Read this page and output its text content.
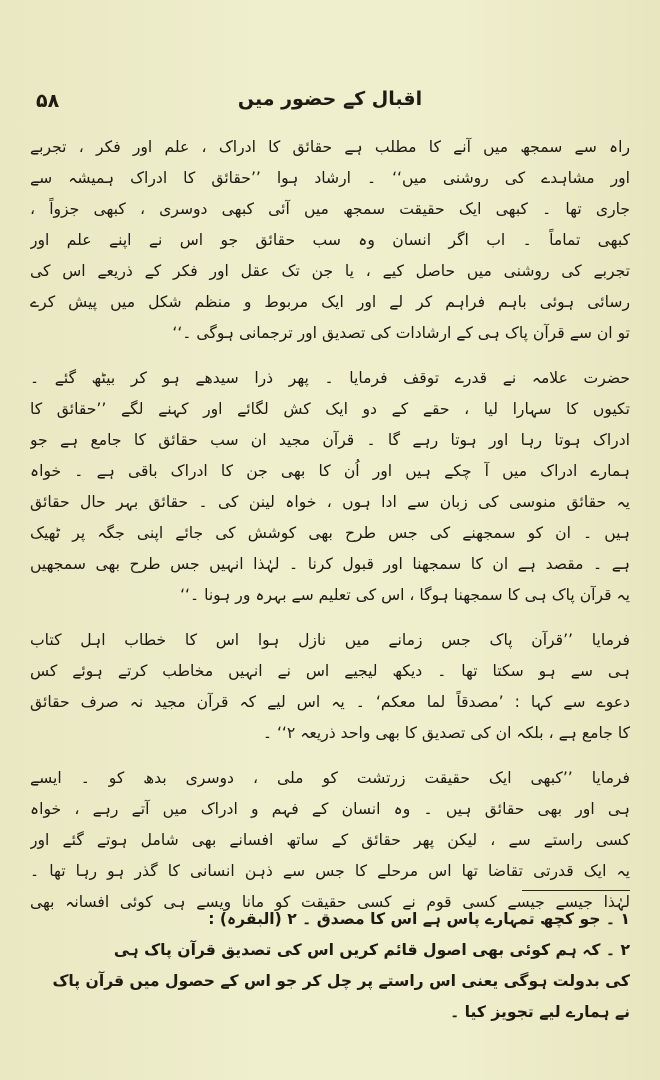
۵۸	اقبال کے حضور میں

راہ سے سمجھ میں آنے کا مطلب ہے حقائق کا ادراک ، علم اور فکر ، تجربے
اور مشاہدے کی روشنی میں‘‘ ۔ ارشاد ہوا ’’حقائق کا ادراک ہمیشہ سے
جاری تھا ۔ کبھی ایک حقیقت سمجھ میں آئی کبھی دوسری ، کبھی جزواً ،
کبھی تماماً ۔ اب اگر انسان وہ سب حقائق جو اس نے اپنے علم اور
تجربے کی روشنی میں حاصل کیے ، یا جن تک عقل اور فکر کے ذریعے اس کی
رسائی ہوئی باہم فراہم کر لے اور ایک مربوط و منظم شکل میں پیش کرے
تو ان سے قرآن پاک ہی کے ارشادات کی تصدیق اور ترجمانی ہوگی ۔‘‘

حضرت علامہ نے قدرے توقف فرمایا ۔ پھر ذرا سیدھے ہو کر بیٹھ گئے ۔
تکیوں کا سہارا لیا ، حقے کے دو ایک کش لگائے اور کہنے لگے ’’حقائق کا
ادراک ہوتا رہا اور ہوتا رہے گا ۔ قرآن مجید ان سب حقائق کا جامع ہے جو
ہمارے ادراک میں آ چکے ہیں اور اُن کا بھی جن کا ادراک باقی ہے ۔ خواہ
یہ حقائق منوسی کی زبان سے ادا ہوں ، خواہ لینن کی ۔ حقائق بہر حال حقائق
ہیں ۔ ان کو سمجھنے کی جس طرح بھی کوشش کی جائے اپنی جگہ پر ٹھیک
ہے ۔ مقصد ہے ان کا سمجھنا اور قبول کرنا ۔ لہٰذا انہیں جس طرح بھی سمجھیں
یہ قرآن پاک ہی کا سمجھنا ہوگا ، اس کی تعلیم سے بہرہ ور ہونا ۔‘‘

فرمایا ’’قرآن پاک جس زمانے میں نازل ہوا اس کا خطاب اہل کتاب
ہی سے ہو سکتا تھا ۔ دیکھ لیجیے اس نے انہیں مخاطب کرتے ہوئے کس
دعوے سے کہا : ’مصدقاً لما معکم‘ ۔ یہ اس لیے کہ قرآن مجید نہ صرف حقائق
کا جامع ہے ، بلکہ ان کی تصدیق کا بھی واحد ذریعہ ۲‘‘ ۔

فرمایا ’’کبھی ایک حقیقت زرتشت کو ملی ، دوسری بدھ کو ۔ ایسے
ہی اور بھی حقائق ہیں ۔ وہ انسان کے فہم و ادراک میں آتے رہے ، خواہ
کسی راستے سے ، لیکن پھر حقائق کے ساتھ افسانے بھی شامل ہوتے گئے اور
یہ ایک قدرتی تقاضا تھا اس مرحلے کا جس سے ذہن انسانی کا گذر ہو رہا تھا ۔
لہٰذا جیسے جیسے کسی قوم نے کسی حقیقت کو مانا ویسے ہی کوئی افسانہ بھی

۱ ۔ جو کچھ تمہارے پاس ہے اس کا مصدق ۔ ۲ (البقرہ) :

۲ ۔ کہ ہم کوئی بھی اصول قائم کریں اس کی تصدیق قرآن پاک ہی

کی بدولت ہوگی یعنی اس راستے پر چل کر جو اس کے حصول میں قرآن پاک

نے ہمارے لیے تجویز کیا ۔
